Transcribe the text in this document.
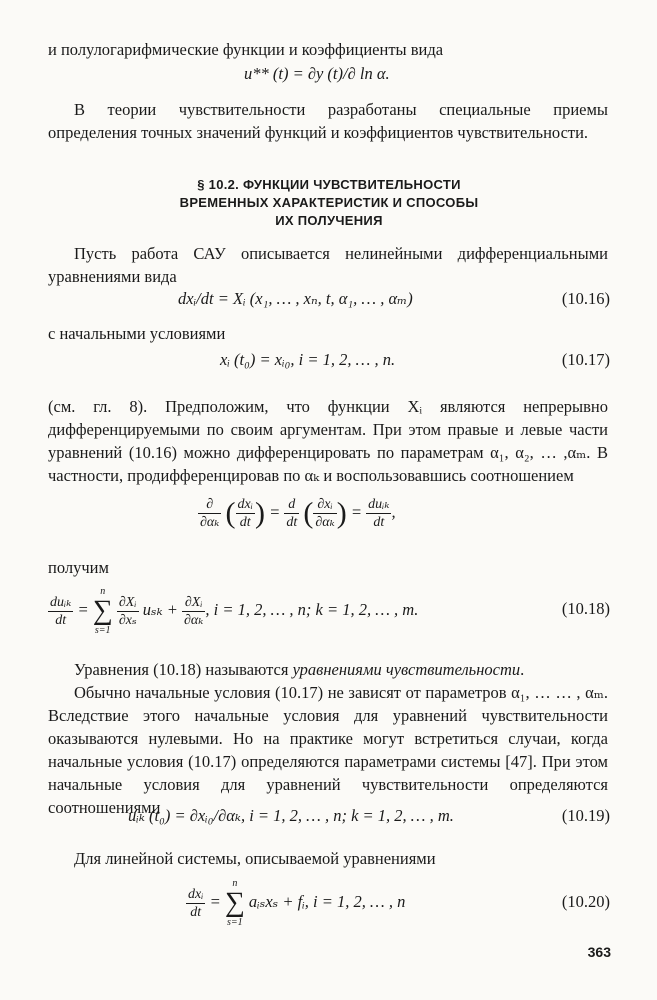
и полулогарифмические функции и коэффициенты вида
u** (t) = ∂y (t)/∂ ln α.
В теории чувствительности разработаны специальные приемы определения точных значений функций и коэффициентов чувствительности.
§ 10.2. ФУНКЦИИ ЧУВСТВИТЕЛЬНОСТИ
ВРЕМЕННЫХ ХАРАКТЕРИСТИК И СПОСОБЫ
ИХ ПОЛУЧЕНИЯ
Пусть работа САУ описывается нелинейными дифференциальными уравнениями вида
dxᵢ/dt = Xᵢ (x₁, … , xₙ, t, α₁, … , αₘ)	(10.16)
с начальными условиями
xᵢ (t₀) = xᵢ₀, i = 1, 2, … , n.	(10.17)
(см. гл. 8). Предположим, что функции Xᵢ являются непрерывно дифференцируемыми по своим аргументам. При этом правые и левые части уравнений (10.16) можно дифференцировать по параметрам α₁, α₂, … ,αₘ. В частности, продифференцировав по αₖ и воспользовавшись соотношением
$\frac{\partial}{\text{∂αₖ}}$ ( $\frac{\text{dxᵢ}}{dt}$ ) = $\frac{d}{dt}$ ( $\frac{\text{∂xᵢ}}{\text{∂αₖ}}$ ) = $\frac{\text{duᵢₖ}}{dt}$ ,
получим
$\frac{\text{duᵢₖ}}{dt}$ =
n
∑
s=1

$\frac{\text{∂Xᵢ}}{\text{∂xₛ}}$ $u_{sk} + \frac{\text{∂Xᵢ}}{\text{∂αₖ}}$ , i = 1, 2, … , n; k = 1, 2, … , m.	(10.18)
Уравнения (10.18) называются уравнениями чувствительности.
Обычно начальные условия (10.17) не зависят от параметров α₁, … … , αₘ. Вследствие этого начальные условия для уравнений чувствительности оказываются нулевыми. Но на практике могут встретиться случаи, когда начальные условия (10.17) определяются параметрами системы [47]. При этом начальные условия для уравнений чувствительности определяются соотношениями
uᵢₖ (t₀) = ∂xᵢ₀/∂αₖ, i = 1, 2, … , n; k = 1, 2, … , m.	(10.19)
Для линейной системы, описываемой уравнениями
$\frac{\text{dxᵢ}}{dt}$ =
n
∑
s=1
aᵢₛxₛ + fᵢ, i = 1, 2, … , n	(10.20)
363
